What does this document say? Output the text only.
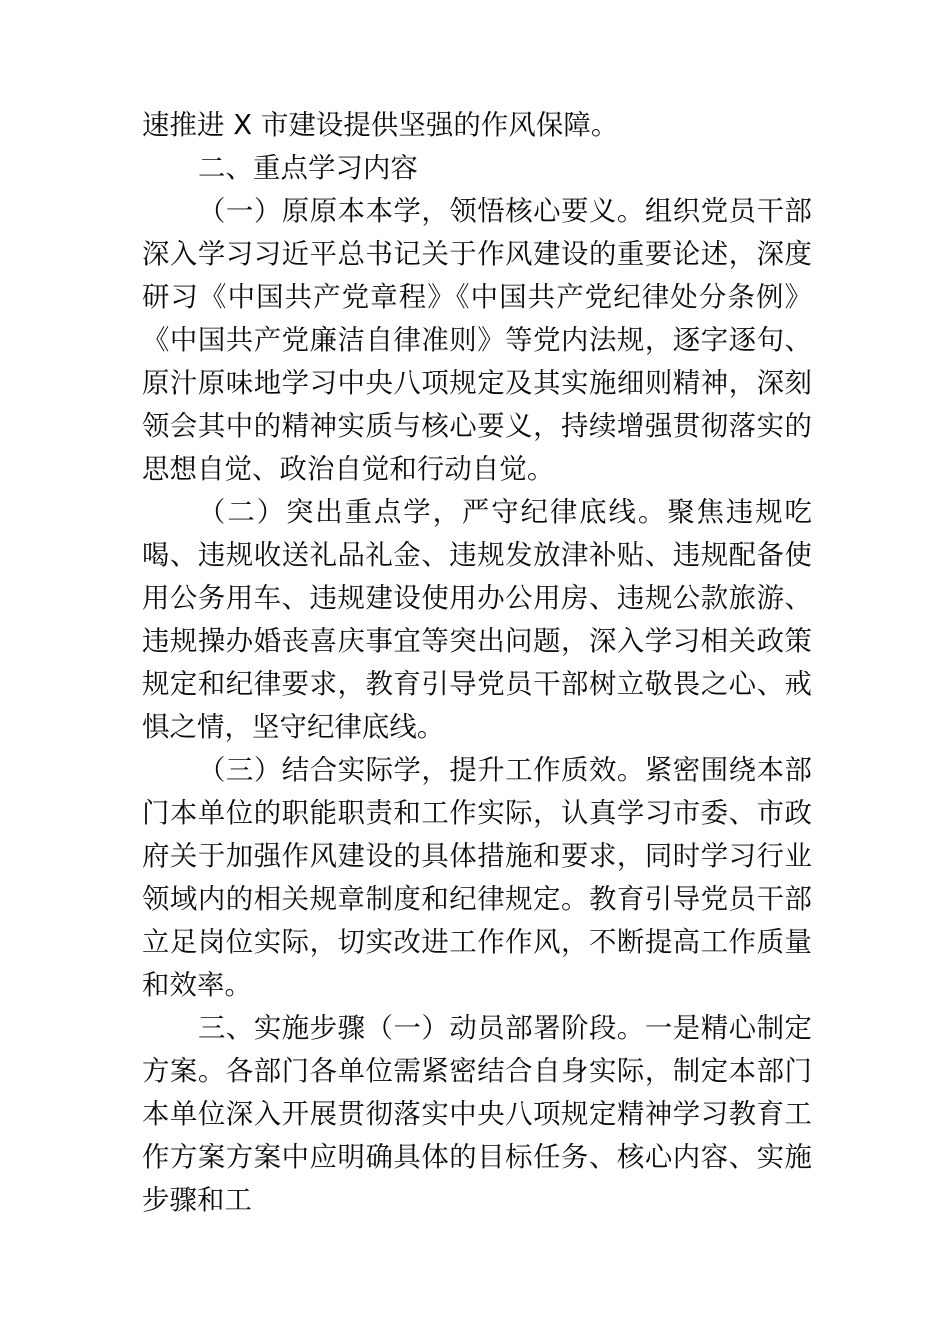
速推进 X 市建设提供坚强的作风保障。

二、重点学习内容

（一）原原本本学，领悟核心要义。组织党员干部深入学习习近平总书记关于作风建设的重要论述，深度研习《中国共产党章程》《中国共产党纪律处分条例》《中国共产党廉洁自律准则》等党内法规，逐字逐句、原汁原味地学习中央八项规定及其实施细则精神，深刻领会其中的精神实质与核心要义，持续增强贯彻落实的思想自觉、政治自觉和行动自觉。

（二）突出重点学，严守纪律底线。聚焦违规吃喝、违规收送礼品礼金、违规发放津补贴、违规配备使用公务用车、违规建设使用办公用房、违规公款旅游、违规操办婚丧喜庆事宜等突出问题，深入学习相关政策规定和纪律要求，教育引导党员干部树立敬畏之心、戒惧之情，坚守纪律底线。

（三）结合实际学，提升工作质效。紧密围绕本部门本单位的职能职责和工作实际，认真学习市委、市政府关于加强作风建设的具体措施和要求，同时学习行业领域内的相关规章制度和纪律规定。教育引导党员干部立足岗位实际，切实改进工作作风，不断提高工作质量和效率。

三、实施步骤（一）动员部署阶段。一是精心制定方案。各部门各单位需紧密结合自身实际，制定本部门本单位深入开展贯彻落实中央八项规定精神学习教育工作方案方案中应明确具体的目标任务、核心内容、实施步骤和工
